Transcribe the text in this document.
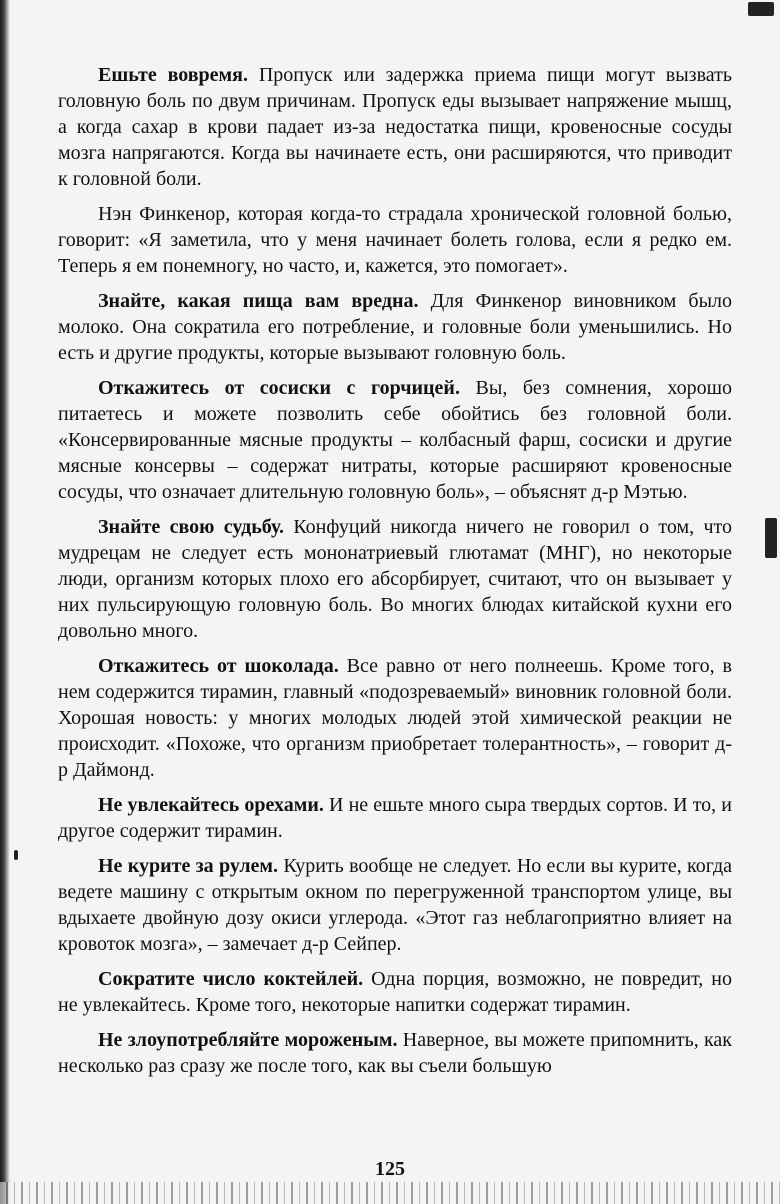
Ешьте вовремя. Пропуск или задержка приема пищи могут вызвать головную боль по двум причинам. Пропуск еды вызывает напряжение мышц, а когда сахар в крови падает из-за недостатка пищи, кровеносные сосуды мозга напрягаются. Когда вы начинаете есть, они расширяются, что приводит к головной боли.

Нэн Финкенор, которая когда-то страдала хронической головной болью, говорит: «Я заметила, что у меня начинает болеть голова, если я редко ем. Теперь я ем понемногу, но часто, и, кажется, это помогает».

Знайте, какая пища вам вредна. Для Финкенор виновником было молоко. Она сократила его потребление, и головные боли уменьшились. Но есть и другие продукты, которые вызывают головную боль.

Откажитесь от сосиски с горчицей. Вы, без сомнения, хорошо питаетесь и можете позволить себе обойтись без головной боли. «Консервированные мясные продукты – колбасный фарш, сосиски и другие мясные консервы – содержат нитраты, которые расширяют кровеносные сосуды, что означает длительную головную боль», – объяснят д-р Мэтью.

Знайте свою судьбу. Конфуций никогда ничего не говорил о том, что мудрецам не следует есть мононатриевый глютамат (МНГ), но некоторые люди, организм которых плохо его абсорбирует, считают, что он вызывает у них пульсирующую головную боль. Во многих блюдах китайской кухни его довольно много.

Откажитесь от шоколада. Все равно от него полнеешь. Кроме того, в нем содержится тирамин, главный «подозреваемый» виновник головной боли. Хорошая новость: у многих молодых людей этой химической реакции не происходит. «Похоже, что организм приобретает толерантность», – говорит д-р Даймонд.

Не увлекайтесь орехами. И не ешьте много сыра твердых сортов. И то, и другое содержит тирамин.

Не курите за рулем. Курить вообще не следует. Но если вы курите, когда ведете машину с открытым окном по перегруженной транспортом улице, вы вдыхаете двойную дозу окиси углерода. «Этот газ неблагоприятно влияет на кровоток мозга», – замечает д-р Сейпер.

Сократите число коктейлей. Одна порция, возможно, не повредит, но не увлекайтесь. Кроме того, некоторые напитки содержат тирамин.

Не злоупотребляйте мороженым. Наверное, вы можете припомнить, как несколько раз сразу же после того, как вы съели большую

125
